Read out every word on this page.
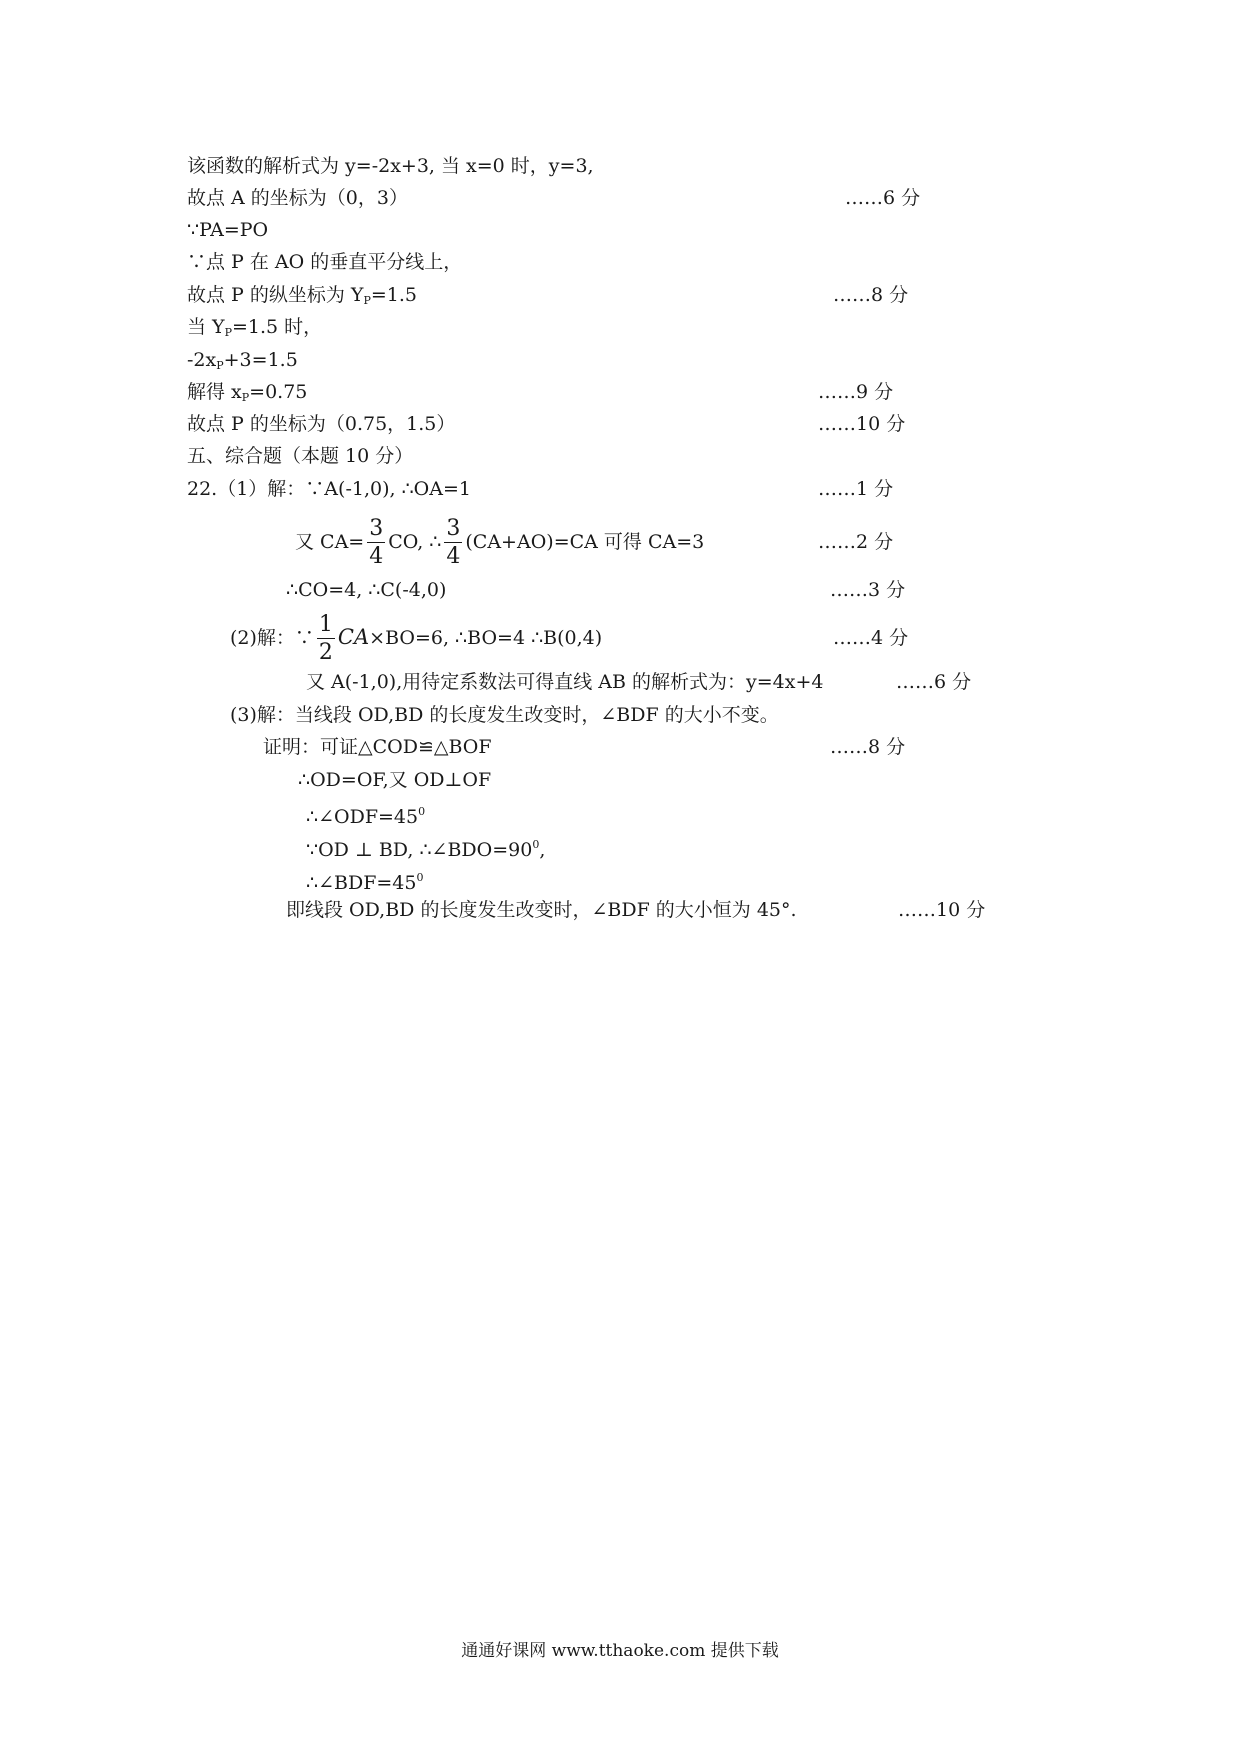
该函数的解析式为 y=-2x+3, 当 x=0 时，y=3,
故点 A 的坐标为（0，3）	……6 分
∵PA=PO
∵点 P 在 AO 的垂直平分线上，
故点 P 的纵坐标为 $Y_P=1.5$	……8 分
当 $Y_P=1.5$ 时，
$-2x_P+3=1.5$
解得 $x_P=0.75$	……9 分
故点 P 的坐标为（0.75，1.5）	……10 分
五、综合题（本题 10 分）
22.（1）解：∵A(-1,0), ∴OA=1	……1 分
又 $CA= \frac{3}{4}$ CO, ∴ $\frac{3}{4} (CA+AO)=CA$ 可得 CA=3	……2 分
∴CO=4, ∴C(-4,0)	……3 分
(2)解：∵ $\frac{1}{2} CA\times BO=6$, ∴BO=4 ∴B(0,4)	……4 分
又 A(-1,0),用待定系数法可得直线 AB 的解析式为：y=4x+4	……6 分
(3)解：当线段 OD,BD 的长度发生改变时，∠BDF 的大小不变。
证明：可证△COD≌△BOF	……8 分
∴OD=OF,又 OD⊥OF
$\therefore\angle ODF=45^0$
∵OD ⊥ BD, $\therefore\angle BDO=90^0$,
$\therefore\angle BDF=45^0$
即线段 OD,BD 的长度发生改变时，∠BDF 的大小恒为 45°.	……10 分
通通好课网 www.tthaoke.com 提供下载
